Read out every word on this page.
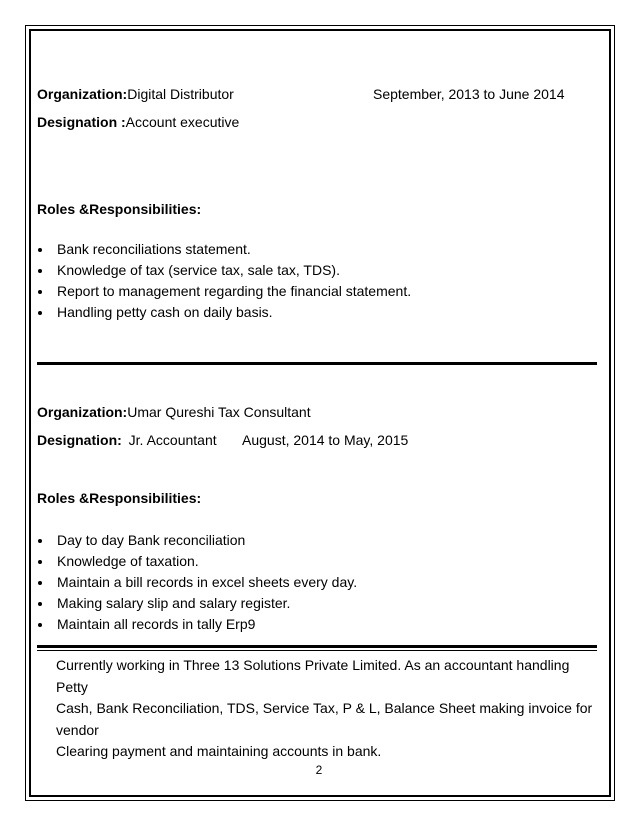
Organization:Digital Distributor	September, 2013 to June 2014
Designation :Account executive
Roles &Responsibilities:
Bank reconciliations statement.
Knowledge of tax (service tax, sale tax, TDS).
Report to management regarding the financial statement.
Handling petty cash on daily basis.
Organization:Umar Qureshi Tax Consultant
Designation: Jr. Accountant August, 2014 to May, 2015
Roles &Responsibilities:
Day to day Bank reconciliation
Knowledge of taxation.
Maintain a bill records in excel sheets every day.
Making salary slip and salary register.
Maintain all records in tally Erp9
Currently working in Three 13 Solutions Private Limited. As an accountant handling Petty
Cash, Bank Reconciliation, TDS, Service Tax, P & L, Balance Sheet making invoice for vendor
Clearing payment and maintaining accounts in bank.
2
